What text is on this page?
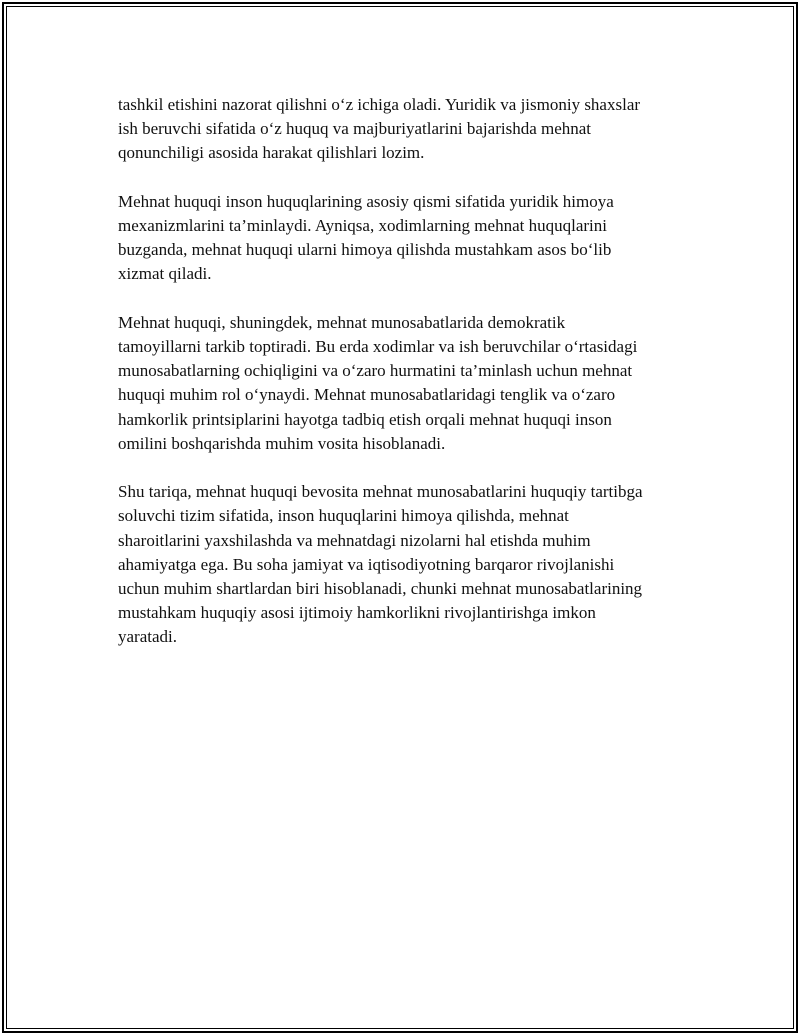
tashkil etishini nazorat qilishni o‘z ichiga oladi. Yuridik va jismoniy shaxslar
ish beruvchi sifatida o‘z huquq va majburiyatlarini bajarishda mehnat
qonunchiligi asosida harakat qilishlari lozim.

Mehnat huquqi inson huquqlarining asosiy qismi sifatida yuridik himoya
mexanizmlarini ta’minlaydi. Ayniqsa, xodimlarning mehnat huquqlarini
buzganda, mehnat huquqi ularni himoya qilishda mustahkam asos bo‘lib
xizmat qiladi.

Mehnat huquqi, shuningdek, mehnat munosabatlarida demokratik
tamoyillarni tarkib toptiradi. Bu erda xodimlar va ish beruvchilar o‘rtasidagi
munosabatlarning ochiqligini va o‘zaro hurmatini ta’minlash uchun mehnat
huquqi muhim rol o‘ynaydi. Mehnat munosabatlaridagi tenglik va o‘zaro
hamkorlik printsiplarini hayotga tadbiq etish orqali mehnat huquqi inson
omilini boshqarishda muhim vosita hisoblanadi.

Shu tariqa, mehnat huquqi bevosita mehnat munosabatlarini huquqiy tartibga
soluvchi tizim sifatida, inson huquqlarini himoya qilishda, mehnat
sharoitlarini yaxshilashda va mehnatdagi nizolarni hal etishda muhim
ahamiyatga ega. Bu soha jamiyat va iqtisodiyotning barqaror rivojlanishi
uchun muhim shartlardan biri hisoblanadi, chunki mehnat munosabatlarining
mustahkam huquqiy asosi ijtimoiy hamkorlikni rivojlantirishga imkon
yaratadi.
